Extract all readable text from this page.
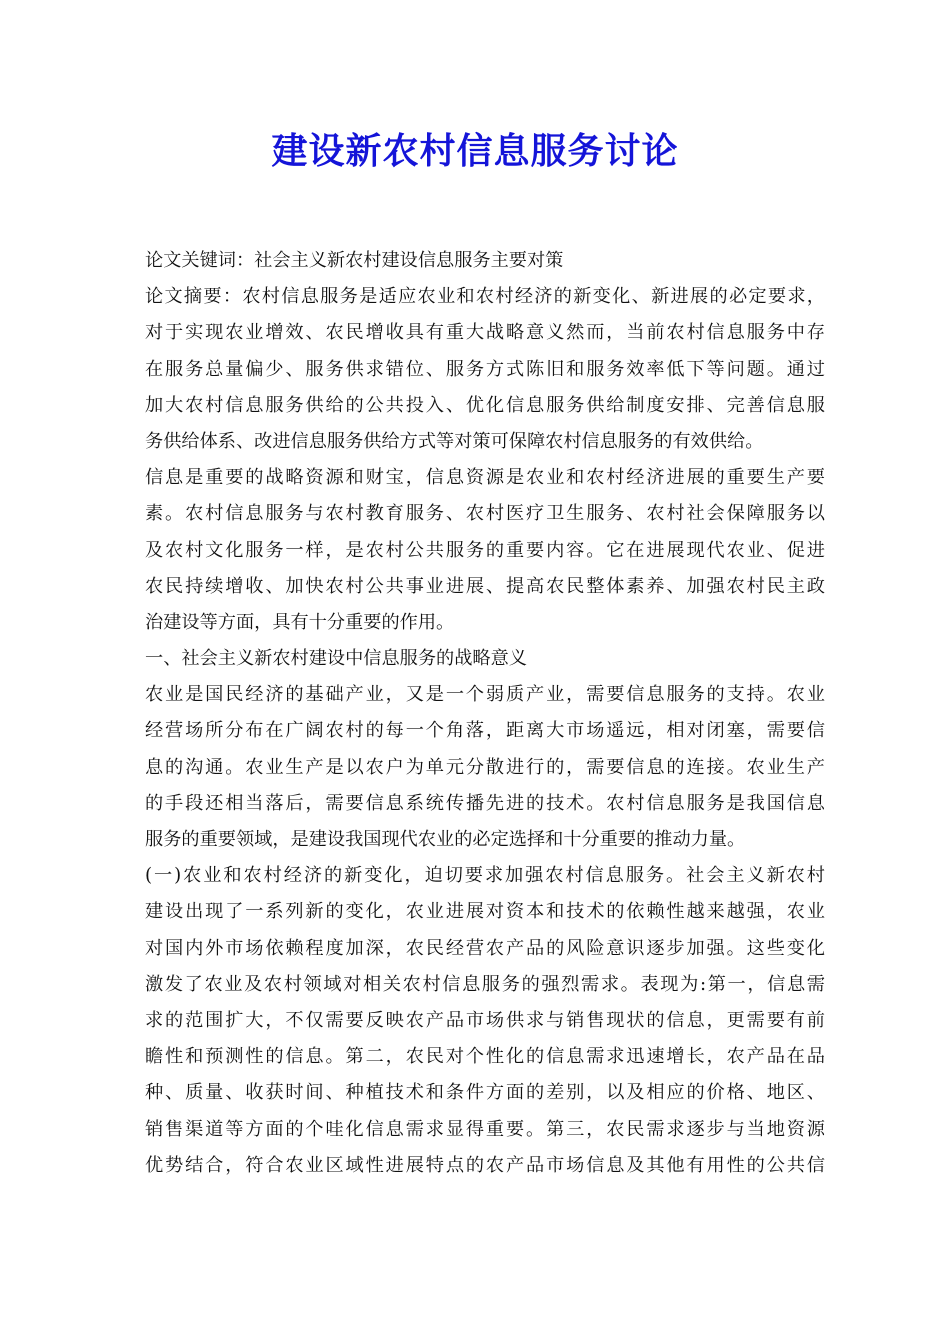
建设新农村信息服务讨论
论文关键词：社会主义新农村建设信息服务主要对策
论文摘要：农村信息服务是适应农业和农村经济的新变化、新进展的必定要求，
对于实现农业增效、农民增收具有重大战略意义然而，当前农村信息服务中存
在服务总量偏少、服务供求错位、服务方式陈旧和服务效率低下等问题。通过
加大农村信息服务供给的公共投入、优化信息服务供给制度安排、完善信息服
务供给体系、改进信息服务供给方式等对策可保障农村信息服务的有效供给。
信息是重要的战略资源和财宝，信息资源是农业和农村经济进展的重要生产要
素。农村信息服务与农村教育服务、农村医疗卫生服务、农村社会保障服务以
及农村文化服务一样，是农村公共服务的重要内容。它在进展现代农业、促进
农民持续增收、加快农村公共事业进展、提高农民整体素养、加强农村民主政
治建设等方面，具有十分重要的作用。
一、社会主义新农村建设中信息服务的战略意义
农业是国民经济的基础产业，又是一个弱质产业，需要信息服务的支持。农业
经营场所分布在广阔农村的每一个角落，距离大市场遥远，相对闭塞，需要信
息的沟通。农业生产是以农户为单元分散进行的，需要信息的连接。农业生产
的手段还相当落后，需要信息系统传播先进的技术。农村信息服务是我国信息
服务的重要领域，是建设我国现代农业的必定选择和十分重要的推动力量。
(一)农业和农村经济的新变化，迫切要求加强农村信息服务。社会主义新农村
建设出现了一系列新的变化，农业进展对资本和技术的依赖性越来越强，农业
对国内外市场依赖程度加深，农民经营农产品的风险意识逐步加强。这些变化
激发了农业及农村领域对相关农村信息服务的强烈需求。表现为:第一，信息需
求的范围扩大，不仅需要反映农产品市场供求与销售现状的信息，更需要有前
瞻性和预测性的信息。第二，农民对个性化的信息需求迅速增长，农产品在品
种、质量、收获时间、种植技术和条件方面的差别，以及相应的价格、地区、
销售渠道等方面的个哇化信息需求显得重要。第三，农民需求逐步与当地资源
优势结合，符合农业区域性进展特点的农产品市场信息及其他有用性的公共信
